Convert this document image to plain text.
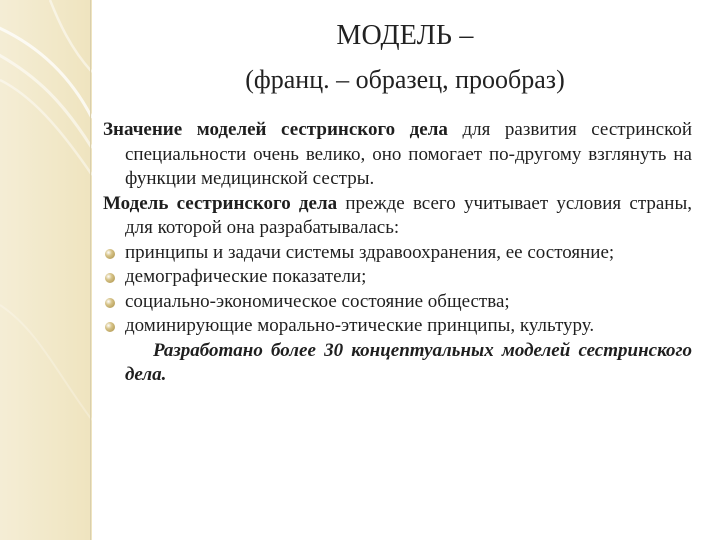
МОДЕЛЬ –
(франц. – образец, прообраз)

Значение моделей сестринского дела для развития сестринской специальности очень велико, оно помогает по-другому взглянуть на функции медицинской сестры.

Модель сестринского дела прежде всего учитывает условия страны, для которой она разрабатывалась:

принципы и задачи системы здравоохранения, ее состояние;
демографические показатели;
социально-экономическое состояние общества;
доминирующие морально-этические принципы, культуру.

Разработано более 30 концептуальных моделей сестринского дела.
